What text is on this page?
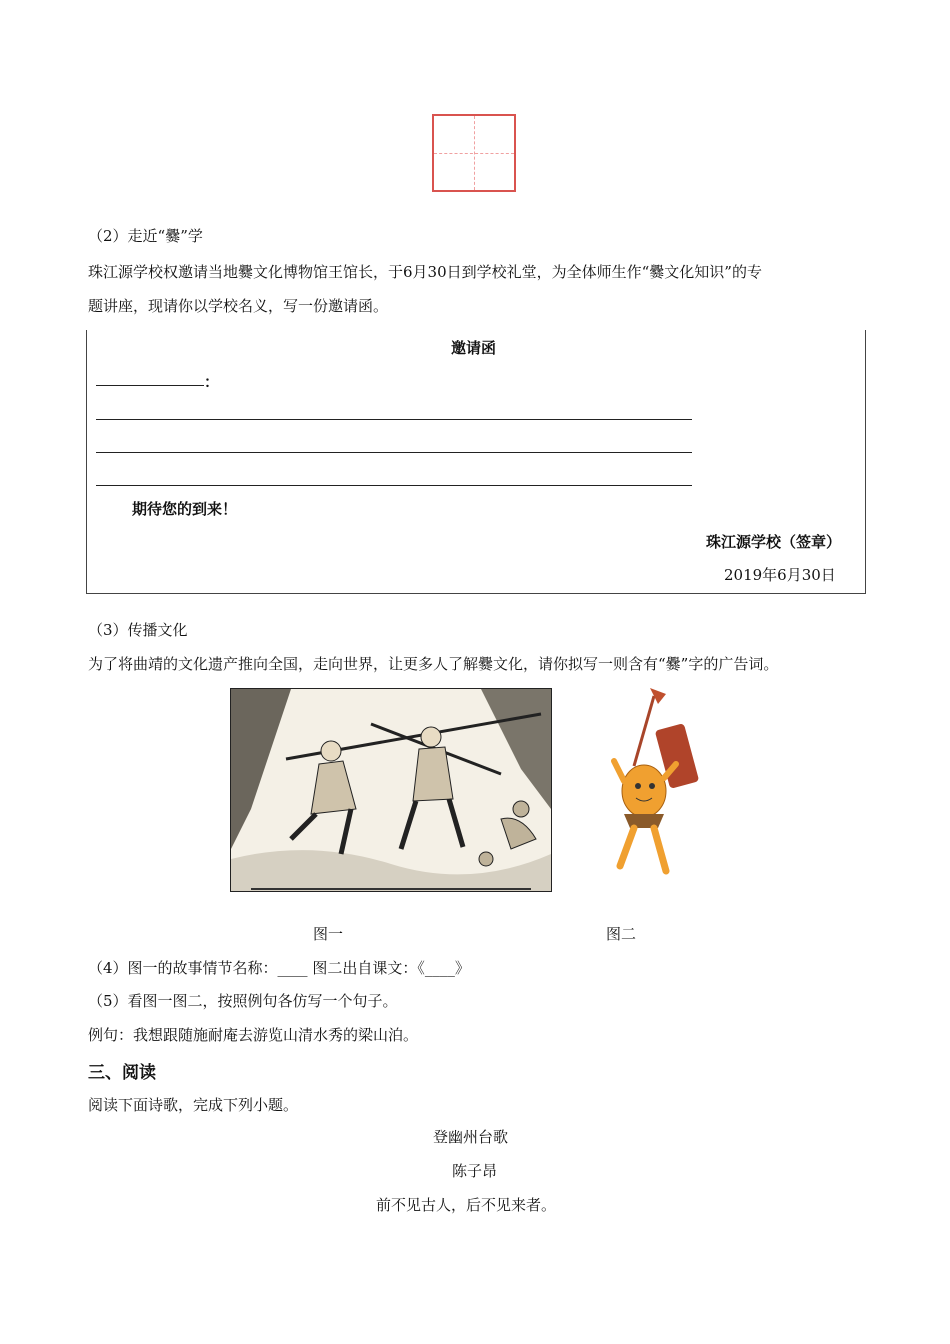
（2）走近“爨”学
珠江源学校权邀请当地爨文化博物馆王馆长，于6月30日到学校礼堂，为全体师生作“爨文化知识”的专
题讲座，现请你以学校名义，写一份邀请函。
邀请函
：
期待您的到来！
珠江源学校（签章）
2019年6月30日
（3）传播文化
为了将曲靖的文化遗产推向全国，走向世界，让更多人了解爨文化，请你拟写一则含有“爨”字的广告词。
图一	图二
（4）图一的故事情节名称：____ 图二出自课文：《____》
（5）看图一图二，按照例句各仿写一个句子。
例句：我想跟随施耐庵去游览山清水秀的梁山泊。
三、阅读
阅读下面诗歌，完成下列小题。
登幽州台歌
陈子昂
前不见古人，后不见来者。
